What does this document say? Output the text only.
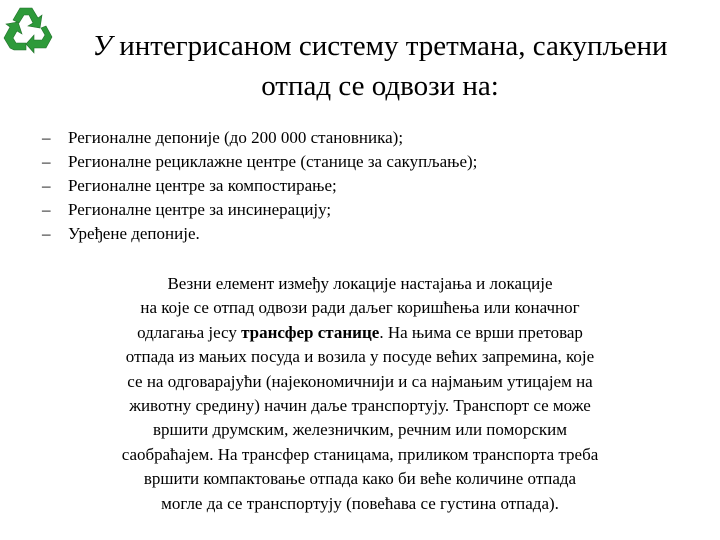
У интегрисаном систему третмана, сакупљени
отпад се одвози на:
– Регионалне депоније (до 200 000 становника);
– Регионалне рециклажне центре (станице за сакупљање);
– Регионалне центре за компостирање;
– Регионалне центре за инсинерацију;
– Уређене депоније.

Везни елемент између локације настајања и локације
на које се отпад одвози ради даљег коришћења или коначног
одлагања јесу трансфер станице. На њима се врши претовар
отпада из мањих посуда и возила у посуде већих запремина, које
се на одговарајући (најекономичнији и са најмањим утицајем на
животну средину) начин даље транспортују. Транспорт се може
вршити друмским, железничким, речним или поморским
саобраћајем. На трансфер станицама, приликом транспорта треба
вршити компактовање отпада како би веће количине отпада
могле да се транспортују (повећава се густина отпада).
